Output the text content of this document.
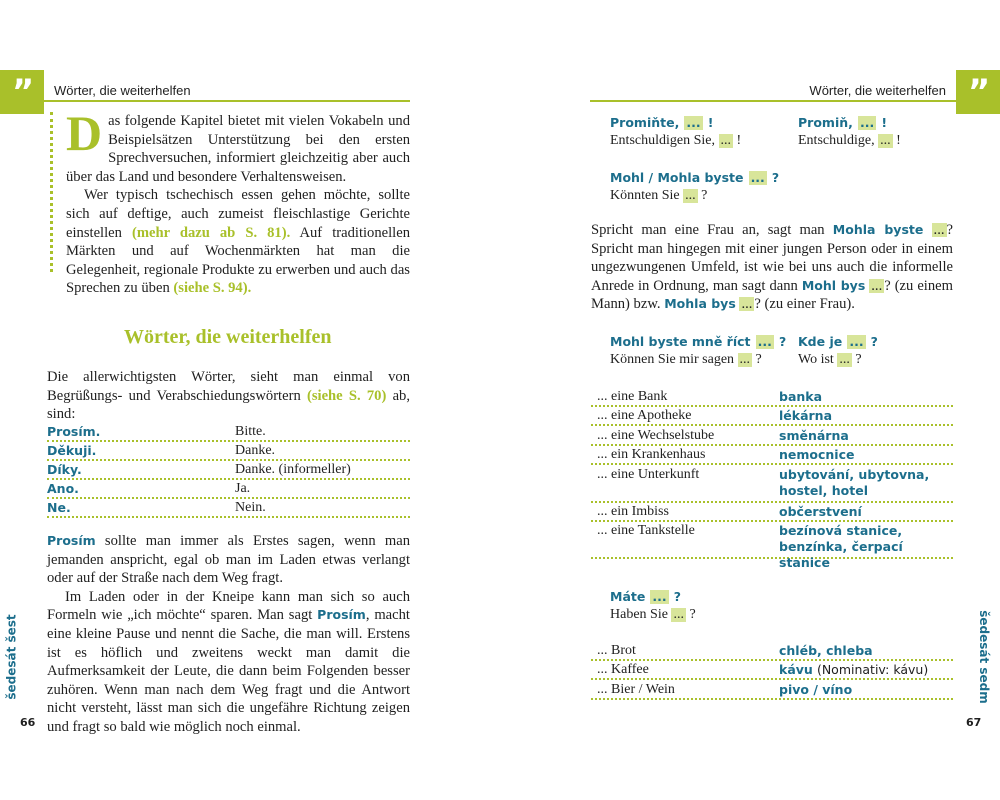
”	Wörter, die weiterhelfen	”
Wörter, die weiterhelfen
Das folgende Kapitel bietet mit vielen Vokabeln und Beispielsätzen Unterstützung bei den ersten Sprechversuchen, informiert gleichzeitig aber auch über das Land und besondere Verhaltensweisen.
Wer typisch tschechisch essen gehen möchte, sollte sich auf deftige, auch zumeist fleischlastige Gerichte einstellen (mehr dazu ab S. 81). Auf traditionellen Märkten und auf Wochenmärkten hat man die Gelegenheit, regionale Produkte zu erwerben und auch das Sprechen zu üben (siehe S. 94).
Wörter, die weiterhelfen
Die allerwichtigsten Wörter, sieht man einmal von Begrüßungs- und Verabschiedungswörtern (siehe S. 70) ab, sind:
Prosím.	Bitte.
Děkuji.	Danke.
Díky.	Danke. (informeller)
Ano.	Ja.
Ne.	Nein.
Prosím sollte man immer als Erstes sagen, wenn man jemanden anspricht, egal ob man im Laden etwas verlangt oder auf der Straße nach dem Weg fragt.
Im Laden oder in der Kneipe kann man sich so auch Formeln wie „ich möchte“ sparen. Man sagt Prosím, macht eine kleine Pause und nennt die Sache, die man will. Erstens ist es höflich und zweitens weckt man damit die Aufmerksamkeit der Leute, die dann beim Folgenden besser zuhören. Wenn man nach dem Weg fragt und die Antwort nicht versteht, lässt man sich die ungefähre Richtung zeigen und fragt so bald wie möglich noch einmal.
šedesát šest
66
Promiňte, ... !
Entschuldigen Sie, ... !
Promiň, ... !
Entschuldige, ... !
Mohl / Mohla byste ... ?
Könnten Sie ... ?
Spricht man eine Frau an, sagt man Mohla byste ... ? Spricht man hingegen mit einer jungen Person oder in einem ungezwungenen Umfeld, ist wie bei uns auch die informelle Anrede in Ordnung, man sagt dann Mohl bys ... ? (zu einem Mann) bzw. Mohla bys ... ? (zu einer Frau).
Mohl byste mně říct ... ?
Können Sie mir sagen ... ?
Kde je ... ?
Wo ist ... ?
... eine Bank	banka
... eine Apotheke	lékárna
... eine Wechselstube	směnárna
... ein Krankenhaus	nemocnice
... eine Unterkunft	ubytování, ubytovna, hostel, hotel
... ein Imbiss	občerstvení
... eine Tankstelle	bezínová stanice, benzínka, čerpací stanice
Máte ... ?
Haben Sie ... ?
... Brot	chléb, chleba
... Kaffee	kávu (Nominativ: kávu)
... Bier / Wein	pivo / víno	šedesát sedm
67
